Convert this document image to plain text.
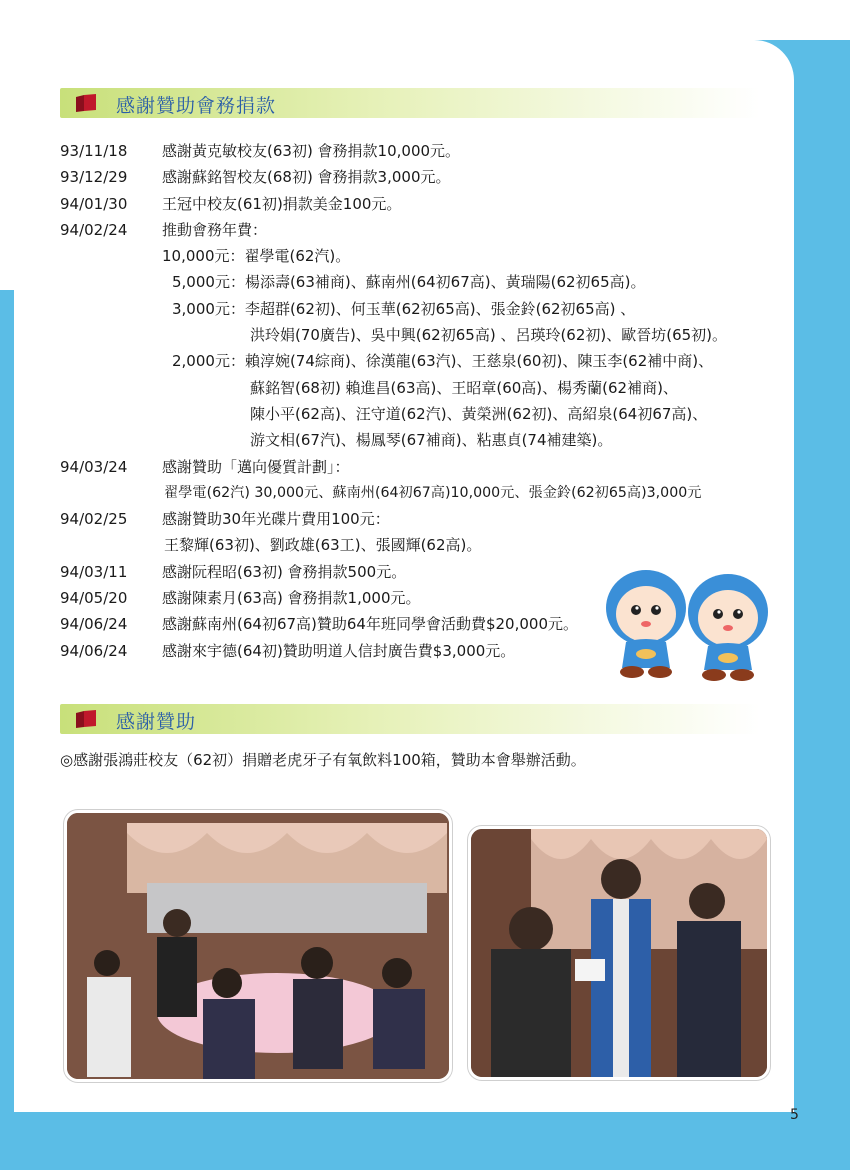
感謝贊助會務捐款
93/11/18	感謝黃克敏校友(63初) 會務捐款10,000元。
93/12/29	感謝蘇銘智校友(68初) 會務捐款3,000元。
94/01/30	王冠中校友(61初)捐款美金100元。
94/02/24	推動會務年費：
10,000元：翟學電(62汽)。
5,000元：楊添壽(63補商)、蘇南州(64初67高)、黃瑞陽(62初65高)。
3,000元：李超群(62初)、何玉華(62初65高)、張金鈴(62初65高) 、
洪玲娟(70廣告)、吳中興(62初65高) 、呂瑛玲(62初)、歐晉坊(65初)。
2,000元：賴淳婉(74綜商)、徐漢龍(63汽)、王慈泉(60初)、陳玉李(62補中商)、
蘇銘智(68初) 賴進昌(63高)、王昭章(60高)、楊秀蘭(62補商)、
陳小平(62高)、汪守道(62汽)、黃榮洲(62初)、高紹泉(64初67高)、
游文相(67汽)、楊鳳琴(67補商)、粘惠貞(74補建築)。
94/03/24	感謝贊助「邁向優質計劃」：
翟學電(62汽) 30,000元、蘇南州(64初67高)10,000元、張金鈴(62初65高)3,000元
94/02/25	感謝贊助30年光碟片費用100元：
王黎輝(63初)、劉政雄(63工)、張國輝(62高)。
94/03/11	感謝阮程昭(63初) 會務捐款500元。
94/05/20	感謝陳素月(63高) 會務捐款1,000元。
94/06/24	感謝蘇南州(64初67高)贊助64年班同學會活動費$20,000元。
94/06/24	感謝來宇德(64初)贊助明道人信封廣告費$3,000元。
感謝贊助
◎感謝張鴻莊校友（62初）捐贈老虎牙子有氧飲料100箱，贊助本會舉辦活動。
5
